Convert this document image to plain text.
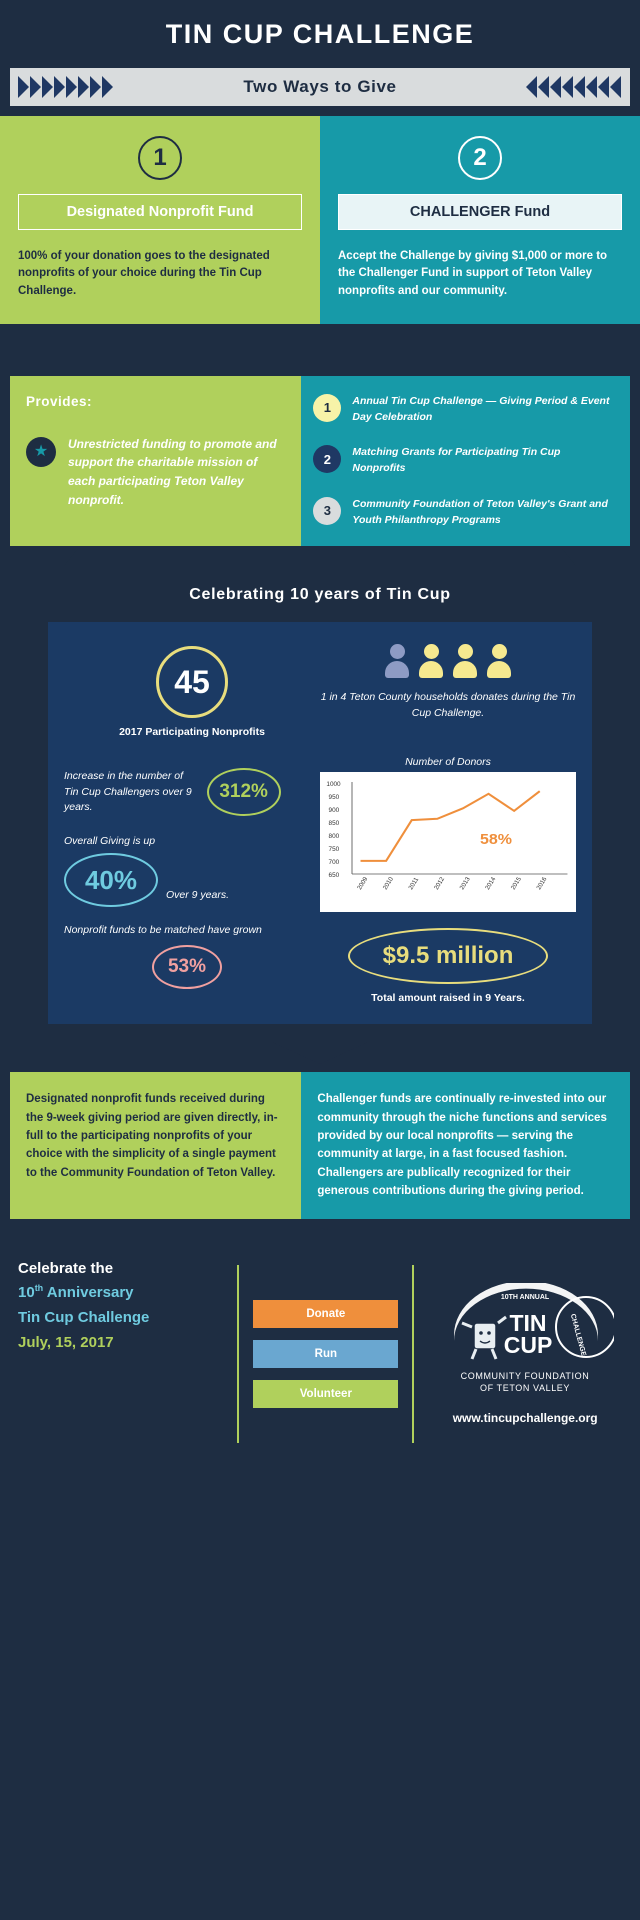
TIN CUP CHALLENGE
Two Ways to Give
1
Designated Nonprofit Fund
100% of your donation goes to the designated nonprofits of your choice during the Tin Cup Challenge.
2
CHALLENGER Fund
Accept the Challenge by giving $1,000 or more to the Challenger Fund in support of Teton Valley nonprofits and our community.
Provides:
★ Unrestricted funding to promote and support the charitable mission of each participating Teton Valley nonprofit.
1	Annual Tin Cup Challenge — Giving Period & Event Day Celebration
2	Matching Grants for Participating Tin Cup Nonprofits
3	Community Foundation of Teton Valley's Grant and Youth Philanthropy Programs
Celebrating 10 years of Tin Cup
45
2017 Participating Nonprofits
1 in 4 Teton County households donates during the Tin Cup Challenge.
Increase in the number of Tin Cup Challengers over 9 years.
312%
Overall Giving is up
40%
Over 9 years.
Nonprofit funds to be matched have grown
53%
Number of Donors
1000
950
900
850
800
750
700
650
2009 2010 2011 2012 2013 2014 2015 2016
58%
$9.5 million
Total amount raised in 9 Years.
Designated nonprofit funds received during the 9-week giving period are given directly, in-full to the participating nonprofits of your choice with the simplicity of a single payment to the Community Foundation of Teton Valley.
Challenger funds are continually re-invested into our community through the niche functions and services provided by our local nonprofits — serving the community at large, in a fast focused fashion. Challengers are publically recognized for their generous contributions during the giving period.
Celebrate the
10th Anniversary
Tin Cup Challenge
July, 15, 2017
Donate
Run
Volunteer
10TH ANNUAL
TIN
CUP CHALLENGE
COMMUNITY FOUNDATION
OF TETON VALLEY
www.tincupchallenge.org
